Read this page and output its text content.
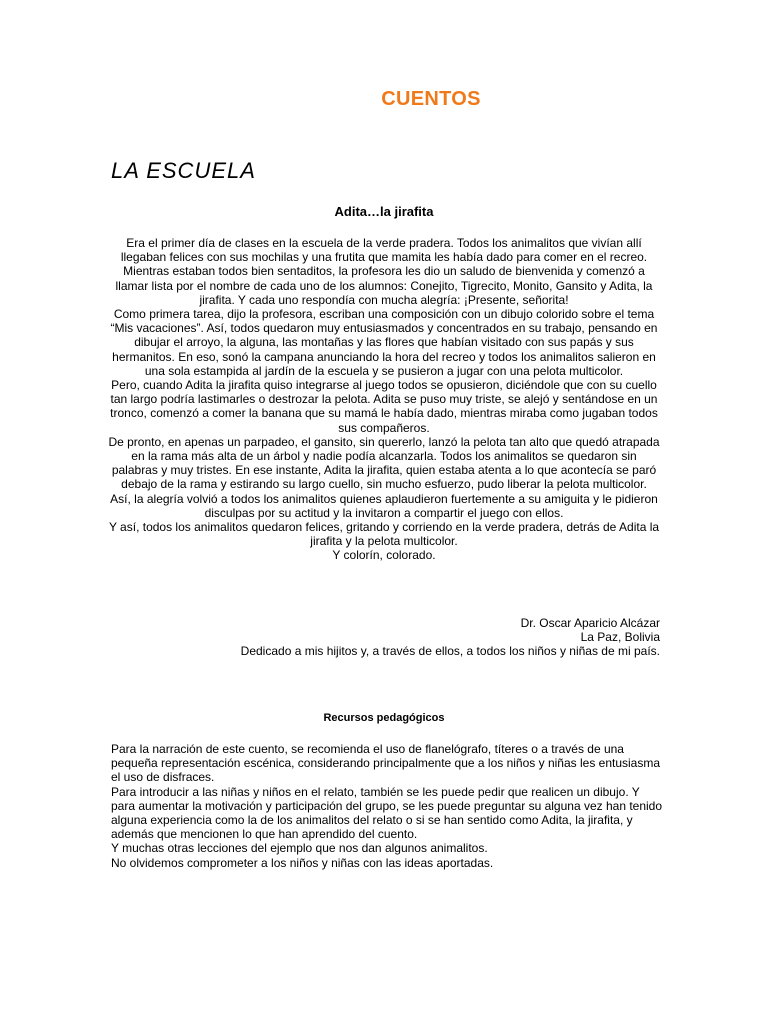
CUENTOS
LA ESCUELA
Adita…la jirafita

Era el primer día de clases en la escuela de la verde pradera. Todos los animalitos que vivían allí llegaban felices con sus mochilas y una frutita que mamita les había dado para comer en el recreo.

Mientras estaban todos bien sentaditos, la profesora les dio un saludo de bienvenida y comenzó a llamar lista por el nombre de cada uno de los alumnos: Conejito, Tigrecito, Monito, Gansito y Adita, la jirafita. Y cada uno respondía con mucha alegría: ¡Presente, señorita!

Como primera tarea, dijo la profesora, escriban una composición con un dibujo colorido sobre el tema “Mis vacaciones”. Así, todos quedaron muy entusiasmados y concentrados en su trabajo, pensando en dibujar el arroyo, la alguna, las montañas y las flores que habían visitado con sus papás y sus hermanitos. En eso, sonó la campana anunciando la hora del recreo y todos los animalitos salieron en una sola estampida al jardín de la escuela y se pusieron a jugar con una pelota multicolor.

Pero, cuando Adita la jirafita quiso integrarse al juego todos se opusieron, diciéndole que con su cuello tan largo podría lastimarles o destrozar la pelota. Adita se puso muy triste, se alejó y sentándose en un tronco, comenzó a comer la banana que su mamá le había dado, mientras miraba como jugaban todos sus compañeros.

De pronto, en apenas un parpadeo, el gansito, sin quererlo, lanzó la pelota tan alto que quedó atrapada en la rama más alta de un árbol y nadie podía alcanzarla. Todos los animalitos se quedaron sin palabras y muy tristes. En ese instante, Adita la jirafita, quien estaba atenta a lo que acontecía se paró debajo de la rama y estirando su largo cuello, sin mucho esfuerzo, pudo liberar la pelota multicolor.

Así, la alegría volvió a todos los animalitos quienes aplaudieron fuertemente a su amiguita y le pidieron disculpas por su actitud y la invitaron a compartir el juego con ellos.

Y así, todos los animalitos quedaron felices, gritando y corriendo en la verde pradera, detrás de Adita la jirafita y la pelota multicolor.

Y colorín, colorado.

Dr. Oscar Aparicio Alcázar
La Paz, Bolivia
Dedicado a mis hijitos y, a través de ellos, a todos los niños y niñas de mi país.
Recursos pedagógicos

Para la narración de este cuento, se recomienda el uso de flanelógrafo, títeres o a través de una pequeña representación escénica, considerando principalmente que a los niños y niñas les entusiasma el uso de disfraces.

Para introducir a las niñas y niños en el relato, también se les puede pedir que realicen un dibujo. Y para aumentar la motivación y participación del grupo, se les puede preguntar su alguna vez han tenido alguna experiencia como la de los animalitos del relato o si se han sentido como Adita, la jirafita, y además que mencionen lo que han aprendido del cuento.

Y muchas otras lecciones del ejemplo que nos dan algunos animalitos.

No olvidemos comprometer a los niños y niñas con las ideas aportadas.
